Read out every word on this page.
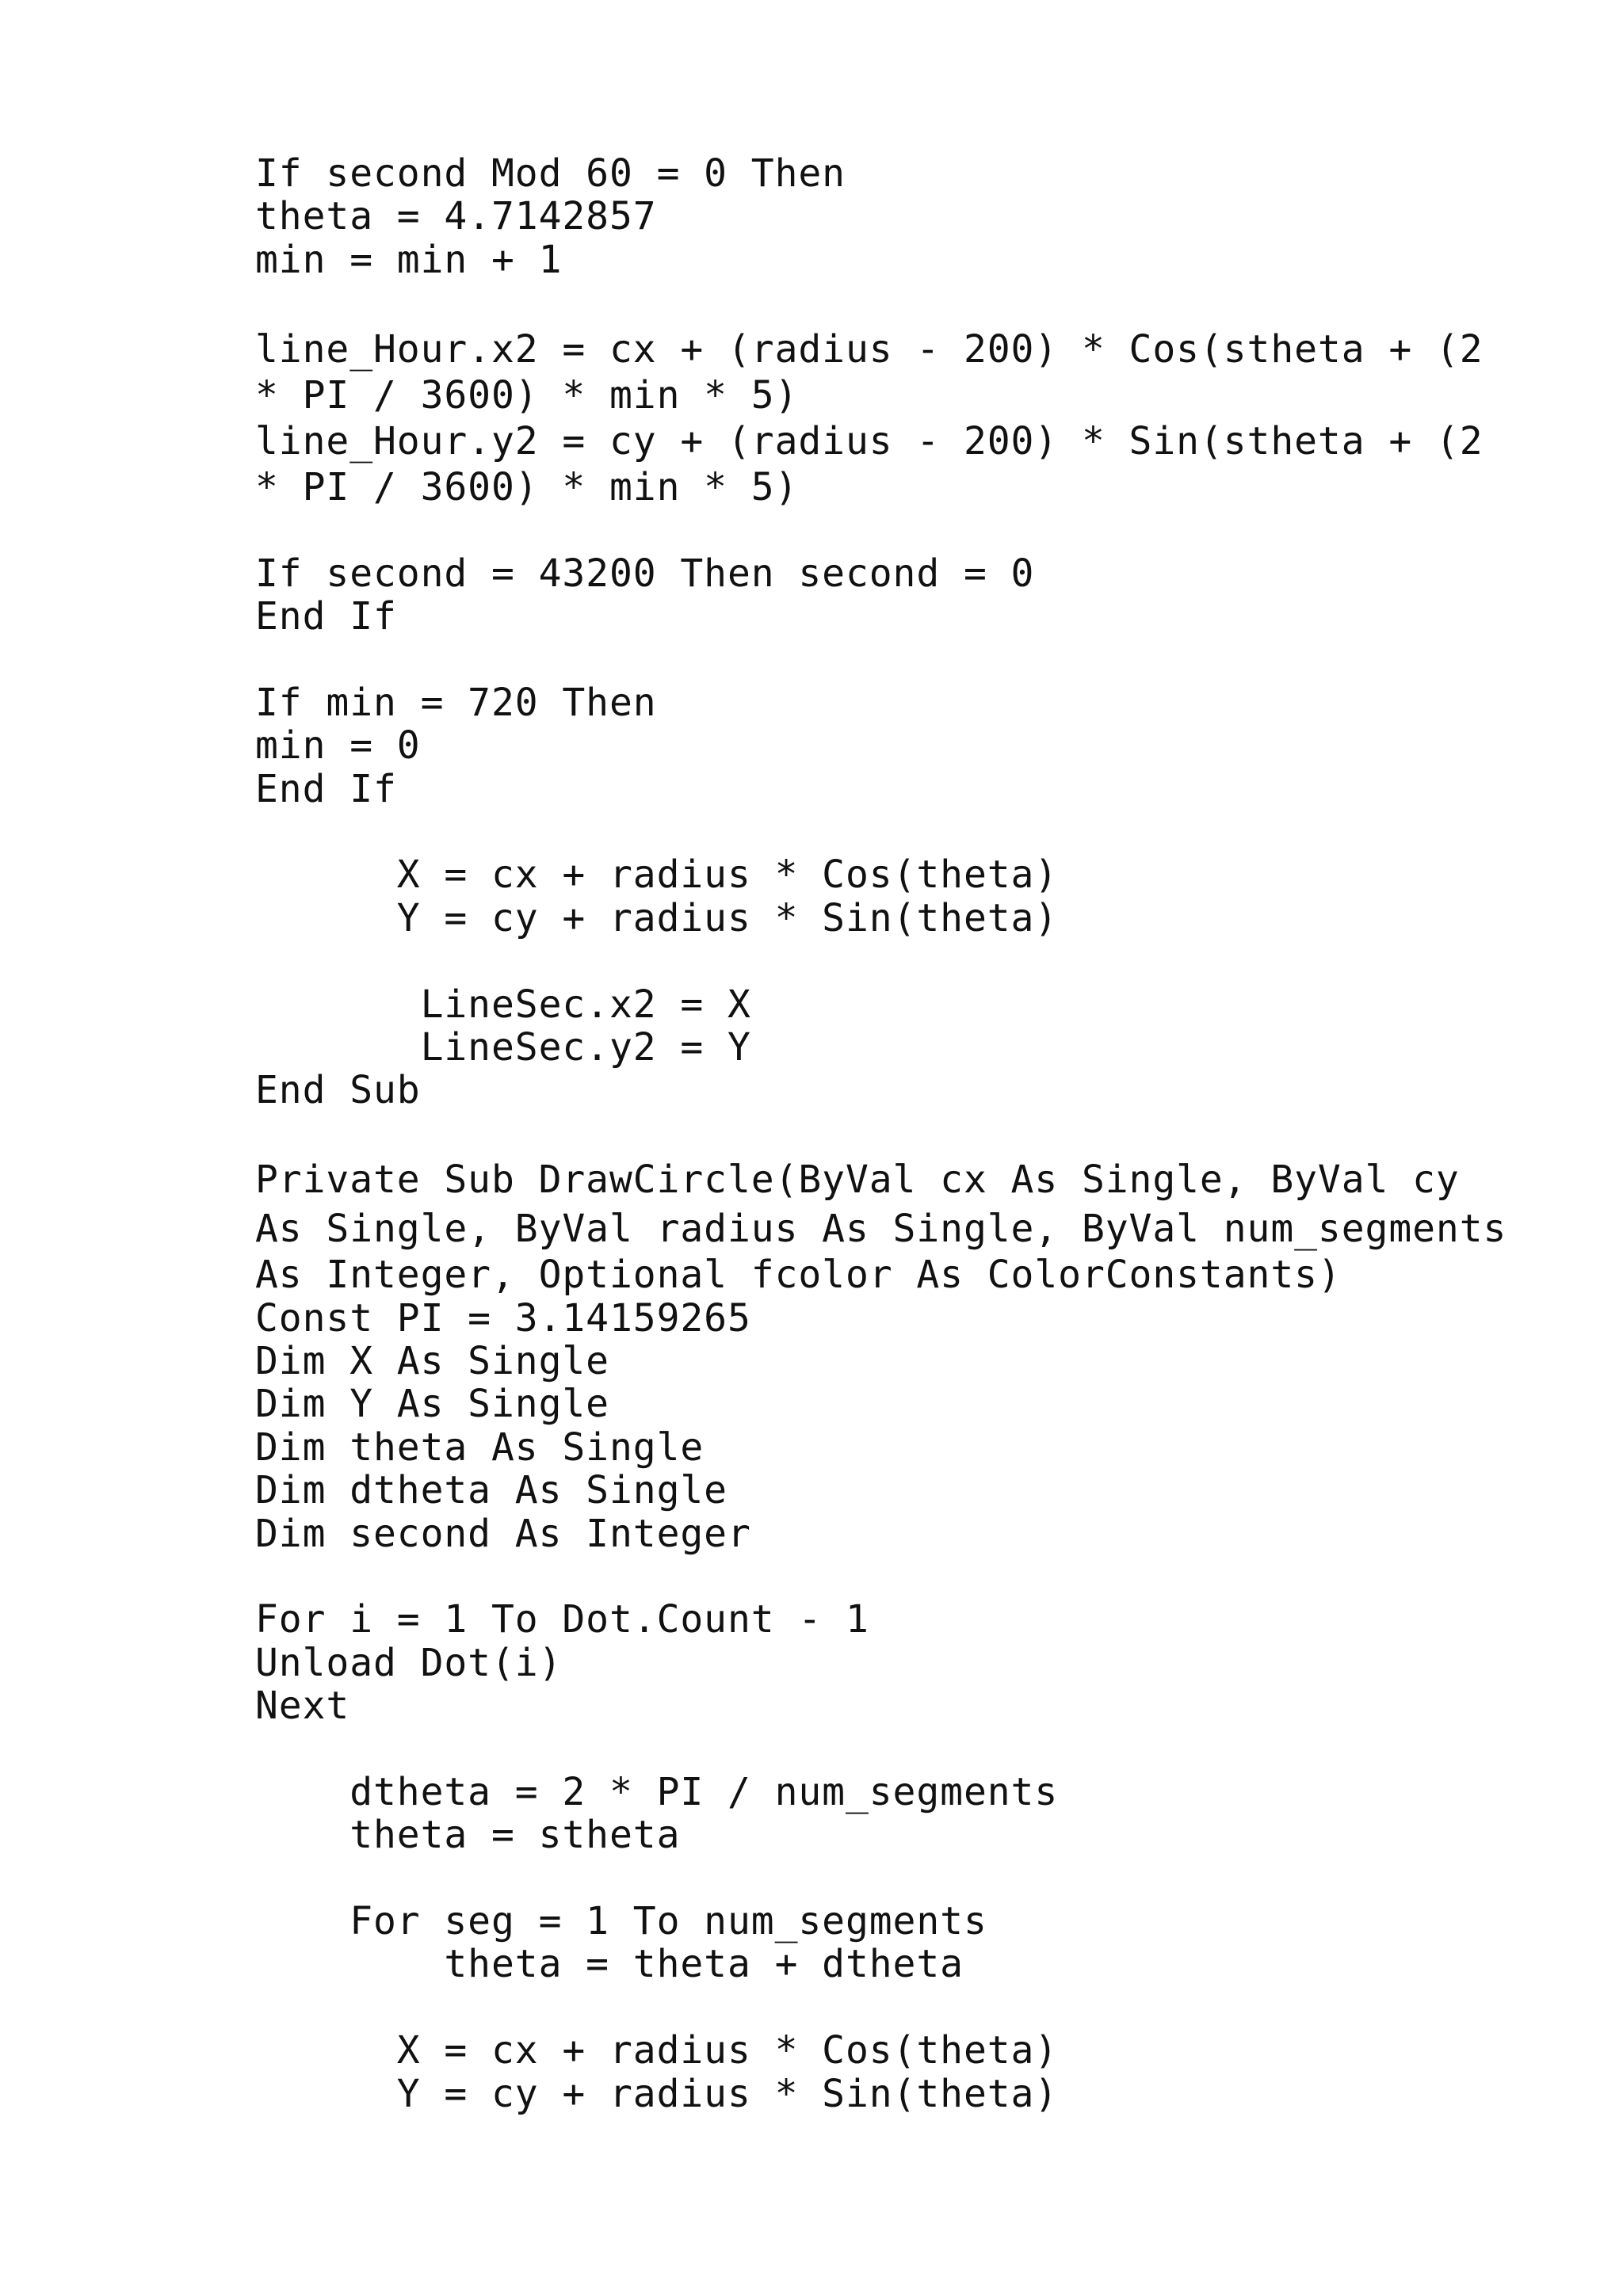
If second Mod 60 = 0 Then
theta = 4.7142857
min = min + 1
line_Hour.x2 = cx + (radius - 200) * Cos(stheta + (2
* PI / 3600) * min * 5)
line_Hour.y2 = cy + (radius - 200) * Sin(stheta + (2
* PI / 3600) * min * 5)
If second = 43200 Then second = 0
End If
If min = 720 Then
min = 0
End If
X = cx + radius * Cos(theta)
Y = cy + radius * Sin(theta)
LineSec.x2 = X
LineSec.y2 = Y
End Sub
Private Sub DrawCircle(ByVal cx As Single, ByVal cy
As Single, ByVal radius As Single, ByVal num_segments
As Integer, Optional fcolor As ColorConstants)
Const PI = 3.14159265
Dim X As Single
Dim Y As Single
Dim theta As Single
Dim dtheta As Single
Dim second As Integer
For i = 1 To Dot.Count - 1
Unload Dot(i)
Next
dtheta = 2 * PI / num_segments
theta = stheta
For seg = 1 To num_segments
theta = theta + dtheta
X = cx + radius * Cos(theta)
Y = cy + radius * Sin(theta)
